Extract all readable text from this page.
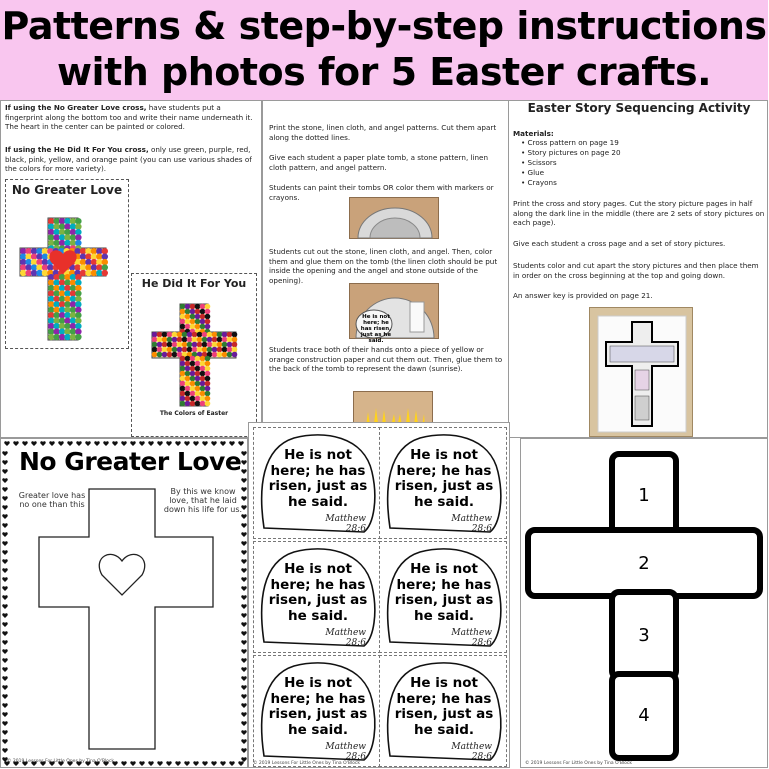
Patterns & step-by-step instructions
with photos for 5 Easter crafts.
If using the No Greater Love cross, have students put a fingerprint along the bottom too and write their name underneath it. The heart in the center can be painted or colored.
If using the He Did It For You cross, only use green, purple, red, black, pink, yellow, and orange paint (you can use various shades of the colors for more variety).
No Greater Love
He Did It For You
The Colors of Easter
Print the stone, linen cloth, and angel patterns. Cut them apart along the dotted lines.
Give each student a paper plate tomb, a stone pattern, linen cloth pattern, and angel pattern.
Students can paint their tombs OR color them with markers or crayons.
Students cut out the stone, linen cloth, and angel. Then, color them and glue them on the tomb (the linen cloth should be put inside the opening and the angel and stone outside of the opening).
He is not here; he has risen, just as he said.
Students trace both of their hands onto a piece of yellow or orange construction paper and cut them out. Then, glue them to the back of the tomb to represent the dawn (sunrise).
Easter Story Sequencing Activity
Materials:
• Cross pattern on page 19
• Story pictures on page 20
• Scissors
• Glue
• Crayons
Print the cross and story pages. Cut the story picture pages in half along the dark line in the middle (there are 2 sets of story pictures on each page).
Give each student a cross page and a set of story pictures.
Students color and cut apart the story pictures and then place them in order on the cross beginning at the top and going down.
An answer key is provided on page 21.
No Greater Love
Greater love has no one than this
By this we know love, that he laid down his life for us.
© 2019 Lessons For Little Ones by Tina O'Block
He is not here; he has risen, just as he said.
Matthew 28:6
He is not here; he has risen, just as he said.
Matthew 28:6
He is not here; he has risen, just as he said.
Matthew 28:6
He is not here; he has risen, just as he said.
Matthew 28:6
He is not here; he has risen, just as he said.
Matthew 28:6
He is not here; he has risen, just as he said.
Matthew 28:6
© 2019 Lessons For Little Ones by Tina O'Block
1
2
3
4
© 2019 Lessons For Little Ones by Tina O'Block
